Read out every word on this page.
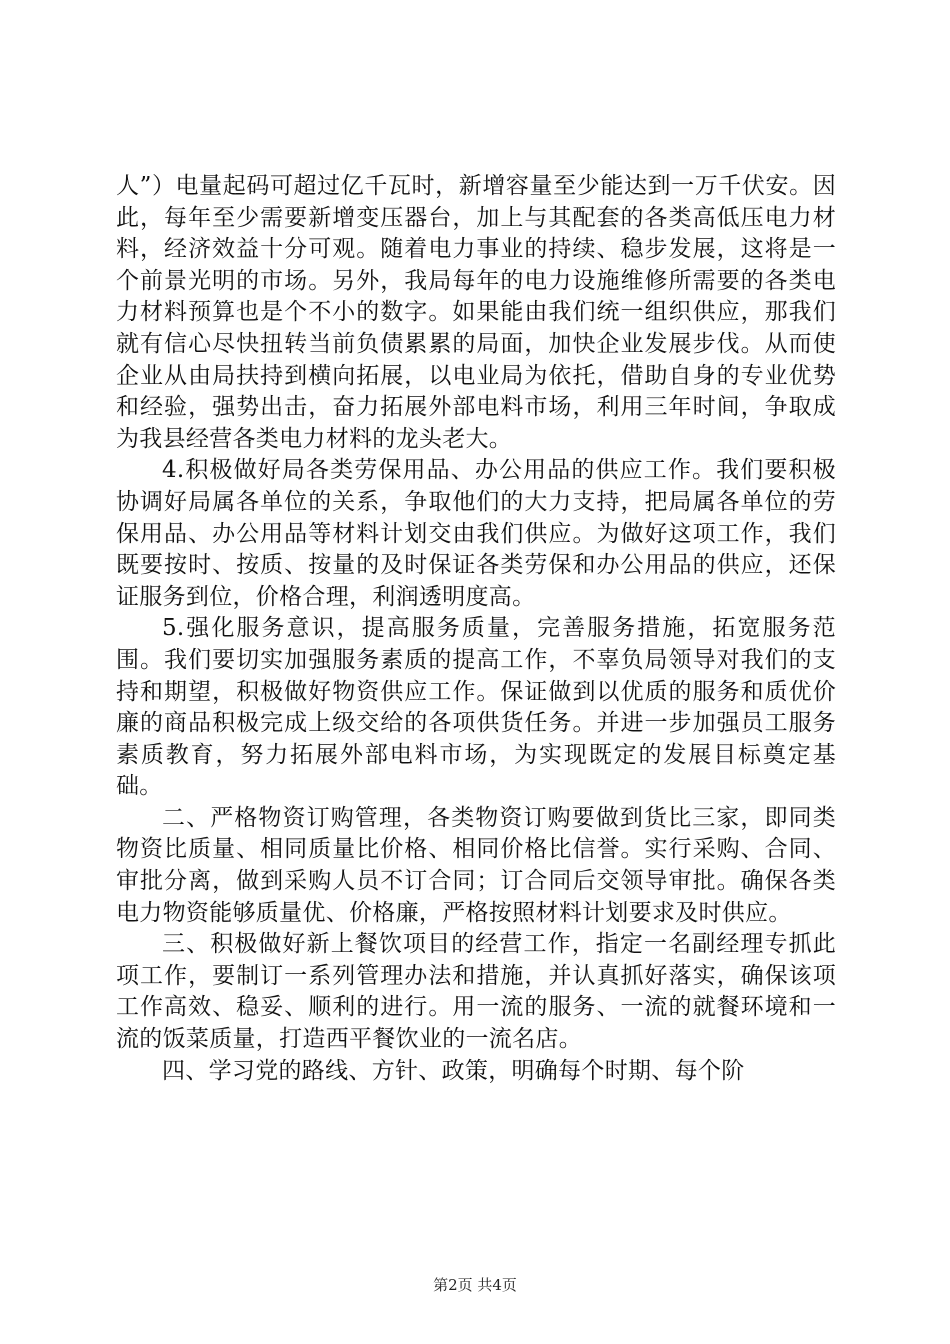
人”）电量起码可超过亿千瓦时，新增容量至少能达到一万千伏安。因此，每年至少需要新增变压器台，加上与其配套的各类高低压电力材料，经济效益十分可观。随着电力事业的持续、稳步发展，这将是一个前景光明的市场。另外，我局每年的电力设施维修所需要的各类电力材料预算也是个不小的数字。如果能由我们统一组织供应，那我们就有信心尽快扭转当前负债累累的局面，加快企业发展步伐。从而使企业从由局扶持到横向拓展，以电业局为依托，借助自身的专业优势和经验，强势出击，奋力拓展外部电料市场，利用三年时间，争取成为我县经营各类电力材料的龙头老大。

4.积极做好局各类劳保用品、办公用品的供应工作。我们要积极协调好局属各单位的关系，争取他们的大力支持，把局属各单位的劳保用品、办公用品等材料计划交由我们供应。为做好这项工作，我们既要按时、按质、按量的及时保证各类劳保和办公用品的供应，还保证服务到位，价格合理，利润透明度高。

5.强化服务意识，提高服务质量，完善服务措施，拓宽服务范围。我们要切实加强服务素质的提高工作，不辜负局领导对我们的支持和期望，积极做好物资供应工作。保证做到以优质的服务和质优价廉的商品积极完成上级交给的各项供货任务。并进一步加强员工服务素质教育，努力拓展外部电料市场，为实现既定的发展目标奠定基础。

二、严格物资订购管理，各类物资订购要做到货比三家，即同类物资比质量、相同质量比价格、相同价格比信誉。实行采购、合同、审批分离，做到采购人员不订合同；订合同后交领导审批。确保各类电力物资能够质量优、价格廉，严格按照材料计划要求及时供应。

三、积极做好新上餐饮项目的经营工作，指定一名副经理专抓此项工作，要制订一系列管理办法和措施，并认真抓好落实，确保该项工作高效、稳妥、顺利的进行。用一流的服务、一流的就餐环境和一流的饭菜质量，打造西平餐饮业的一流名店。

四、学习党的路线、方针、政策，明确每个时期、每个阶

第2页 共4页
